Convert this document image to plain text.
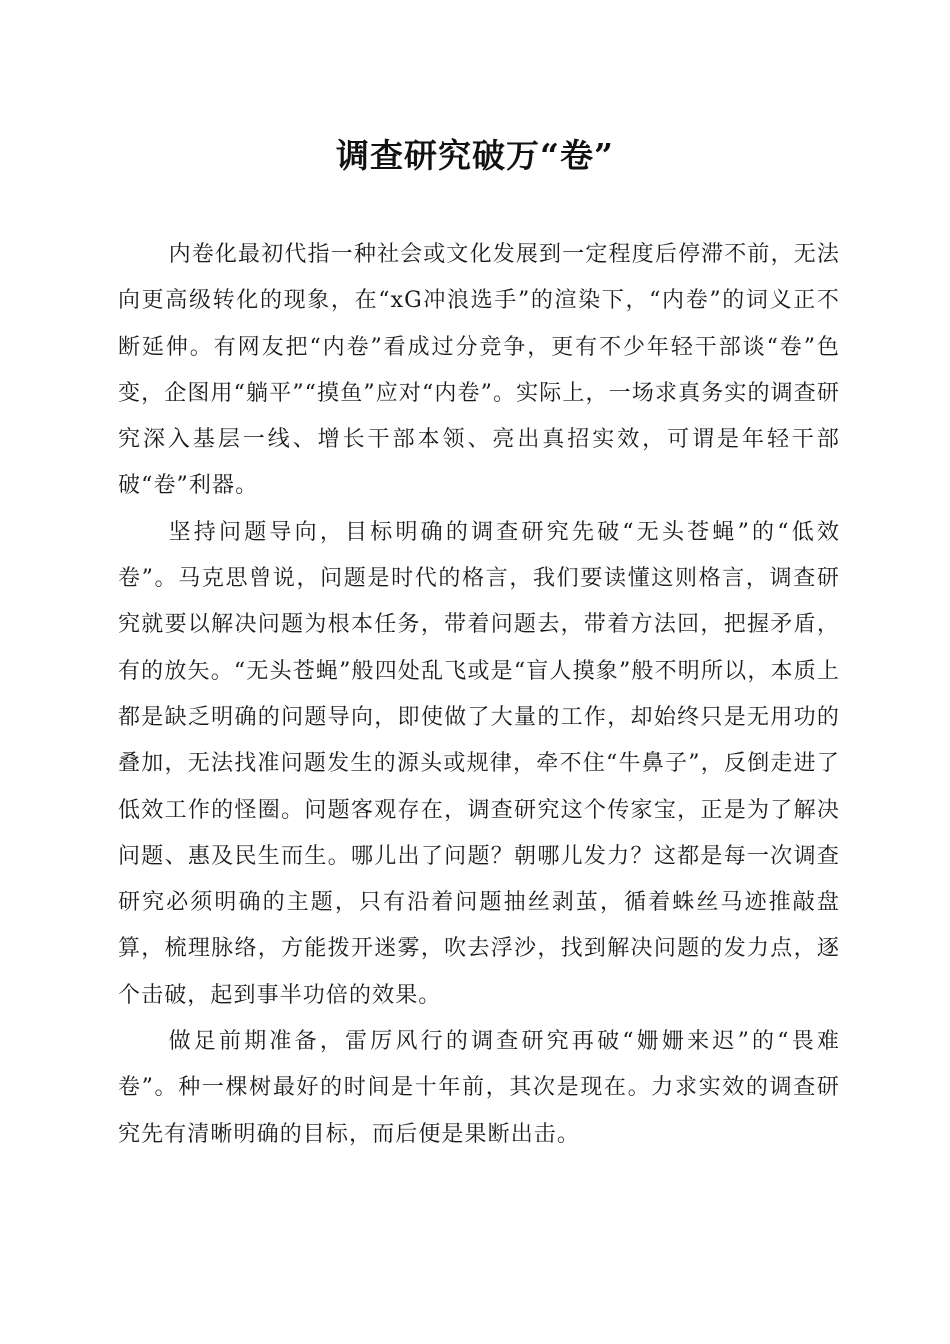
调查研究破万“卷”

内卷化最初代指一种社会或文化发展到一定程度后停滞不前，无法向更高级转化的现象，在“xG冲浪选手”的渲染下，“内卷”的词义正不断延伸。有网友把“内卷”看成过分竞争，更有不少年轻干部谈“卷”色变，企图用“躺平”“摸鱼”应对“内卷”。实际上，一场求真务实的调查研究深入基层一线、增长干部本领、亮出真招实效，可谓是年轻干部破“卷”利器。

坚持问题导向，目标明确的调查研究先破“无头苍蝇”的“低效卷”。马克思曾说，问题是时代的格言，我们要读懂这则格言，调查研究就要以解决问题为根本任务，带着问题去，带着方法回，把握矛盾，有的放矢。“无头苍蝇”般四处乱飞或是“盲人摸象”般不明所以，本质上都是缺乏明确的问题导向，即使做了大量的工作，却始终只是无用功的叠加，无法找准问题发生的源头或规律，牵不住“牛鼻子”，反倒走进了低效工作的怪圈。问题客观存在，调查研究这个传家宝，正是为了解决问题、惠及民生而生。哪儿出了问题？朝哪儿发力？这都是每一次调查研究必须明确的主题，只有沿着问题抽丝剥茧，循着蛛丝马迹推敲盘算，梳理脉络，方能拨开迷雾，吹去浮沙，找到解决问题的发力点，逐个击破，起到事半功倍的效果。

做足前期准备，雷厉风行的调查研究再破“姗姗来迟”的“畏难卷”。种一棵树最好的时间是十年前，其次是现在。力求实效的调查研究先有清晰明确的目标，而后便是果断出击。
